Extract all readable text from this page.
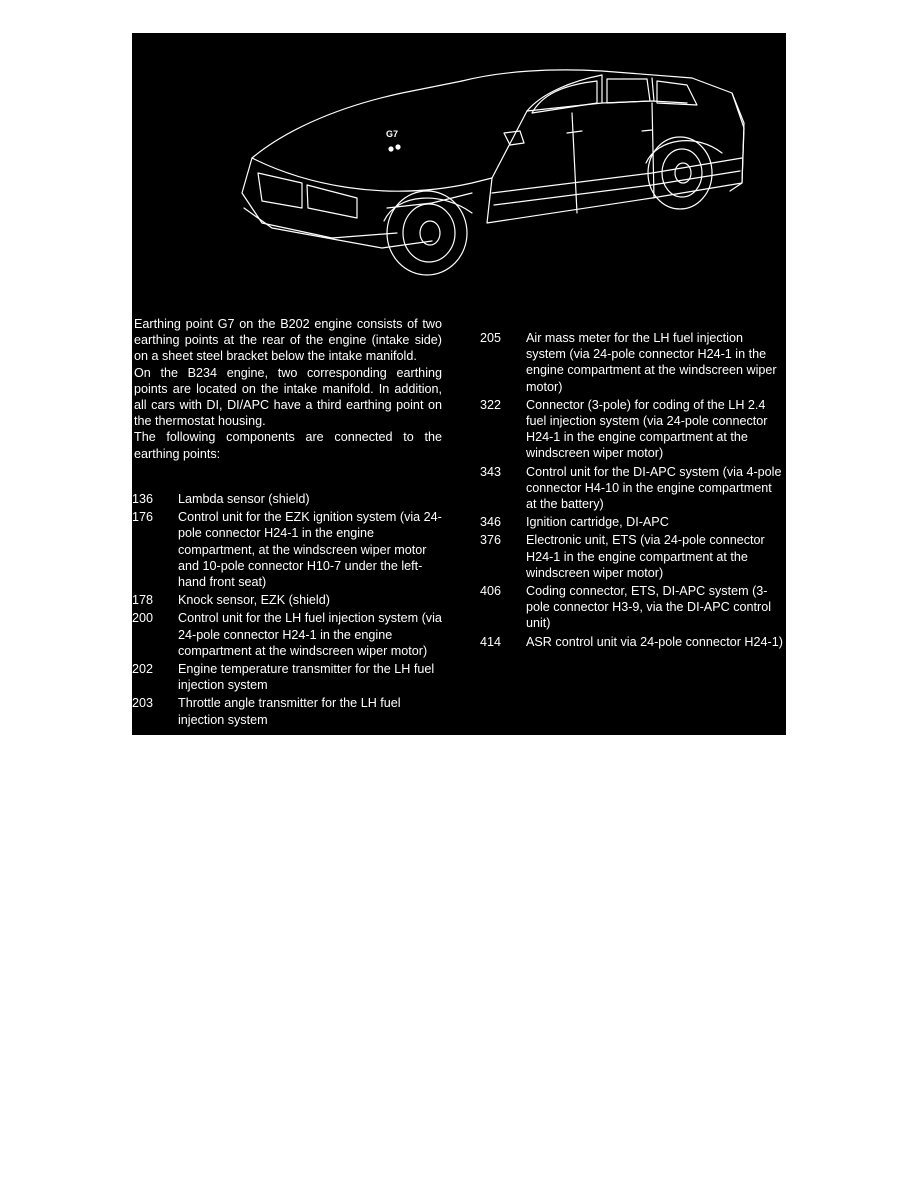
G7

Earthing point G7 on the B202 engine consists of two earthing points at the rear of the engine (intake side) on a sheet steel bracket below the intake manifold.

On the B234 engine, two corresponding earthing points are located on the intake manifold. In addition, all cars with DI, DI/APC have a third earthing point on the thermostat housing.

The following components are connected to the earthing points:

136	Lambda sensor (shield)
176	Control unit for the EZK ignition system (via 24-pole connector H24-1 in the engine compartment, at the windscreen wiper motor and 10-pole connector H10-7 under the left-hand front seat)
178	Knock sensor, EZK (shield)
200	Control unit for the LH fuel injection system (via 24-pole connector H24-1 in the engine compartment at the windscreen wiper motor)
202	Engine temperature transmitter for the LH fuel injection system
203	Throttle angle transmitter for the LH fuel injection system
205	Air mass meter for the LH fuel injection system (via 24-pole connector H24-1 in the engine compartment at the windscreen wiper motor)
322	Connector (3-pole) for coding of the LH 2.4 fuel injection system (via 24-pole connector H24-1 in the engine compartment at the windscreen wiper motor)
343	Control unit for the DI-APC system (via 4-pole connector H4-10 in the engine compartment at the battery)
346	Ignition cartridge, DI-APC
376	Electronic unit, ETS (via 24-pole connector H24-1 in the engine compartment at the windscreen wiper motor)
406	Coding connector, ETS, DI-APC system (3- pole connector H3-9, via the DI-APC control unit)
414	ASR control unit via 24-pole connector H24-1)
